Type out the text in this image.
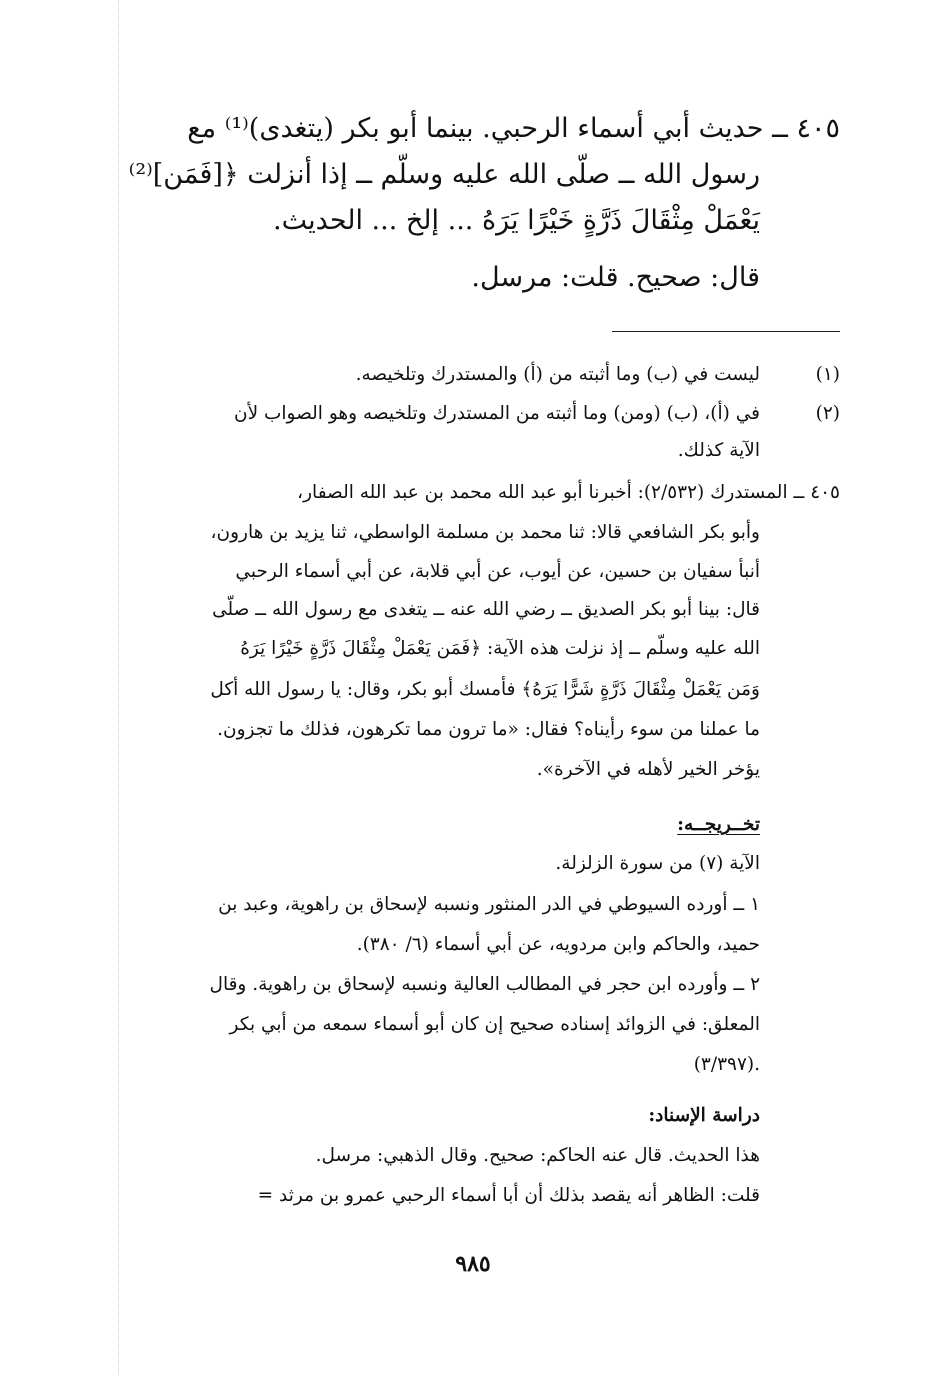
٤٠٥ ــ حديث أبي أسماء الرحبي. بينما أبو بكر (يتغدى)⁽¹⁾ مع
رسول الله ــ صلّى الله عليه وسلّم ــ إذا أنزلت ﴿[فَمَن]⁽²⁾
يَعْمَلْ مِثْقَالَ ذَرَّةٍ خَيْرًا يَرَهُ ... إلخ ... الحديث.
قال: صحيح. قلت: مرسل.
(١)
ليست في (ب) وما أثبته من (أ) والمستدرك وتلخيصه.
(٢)
في (أ)، (ب) (ومن) وما أثبته من المستدرك وتلخيصه وهو الصواب لأن
الآية كذلك.
٤٠٥ ــ المستدرك (٢/٥٣٢): أخبرنا أبو عبد الله محمد بن عبد الله الصفار،
وأبو بكر الشافعي قالا: ثنا محمد بن مسلمة الواسطي، ثنا يزيد بن هارون،
أنبأ سفيان بن حسين، عن أيوب، عن أبي قلابة، عن أبي أسماء الرحبي
قال: بينا أبو بكر الصديق ــ رضي الله عنه ــ يتغدى مع رسول الله ــ صلّى
الله عليه وسلّم ــ إذ نزلت هذه الآية: ﴿فَمَن يَعْمَلْ مِثْقَالَ ذَرَّةٍ خَيْرًا يَرَهُ
وَمَن يَعْمَلْ مِثْقَالَ ذَرَّةٍ شَرًّا يَرَهُ﴾ فأمسك أبو بكر، وقال: يا رسول الله أكل
ما عملنا من سوء رأيناه؟ فقال: «ما ترون مما تكرهون، فذلك ما تجزون.
يؤخر الخير لأهله في الآخرة».
تخــريجــه:
الآية (٧) من سورة الزلزلة.
١ ــ أورده السيوطي في الدر المنثور ونسبه لإسحاق بن راهوية، وعبد بن
حميد، والحاكم وابن مردويه، عن أبي أسماء (٦/ ٣٨٠).
٢ ــ وأورده ابن حجر في المطالب العالية ونسبه لإسحاق بن راهوية. وقال
المعلق: في الزوائد إسناده صحيح إن كان أبو أسماء سمعه من أبي بكر
.(٣/٣٩٧)
دراسة الإسناد:
هذا الحديث. قال عنه الحاكم: صحيح. وقال الذهبي: مرسل.
قلت: الظاهر أنه يقصد بذلك أن أبا أسماء الرحبي عمرو بن مرثد =
٩٨٥
